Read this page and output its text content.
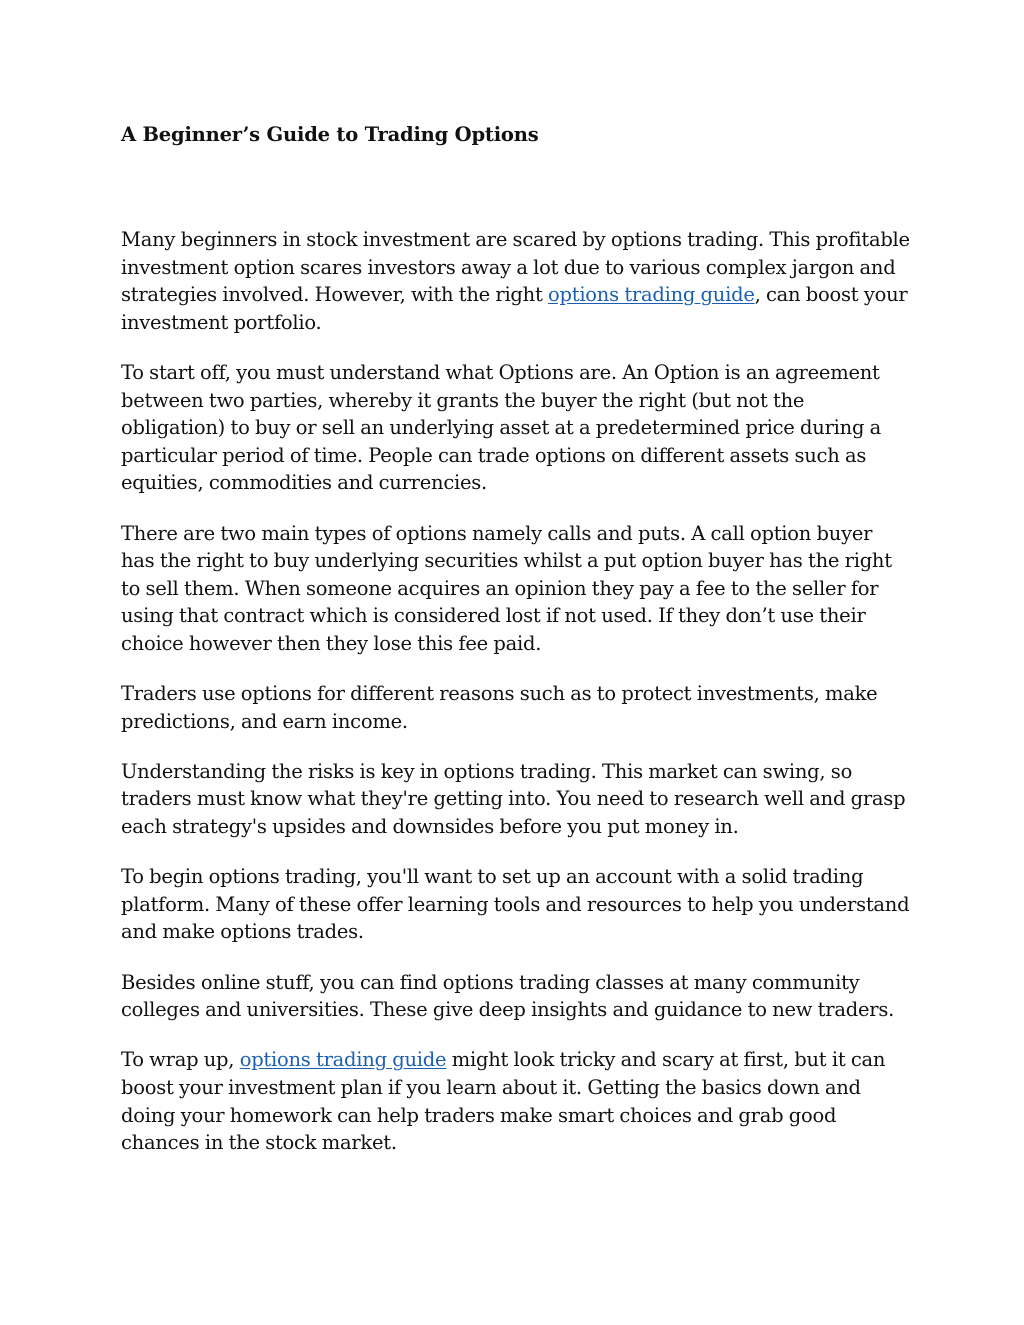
A Beginner’s Guide to Trading Options

Many beginners in stock investment are scared by options trading. This profitable investment option scares investors away a lot due to various complex jargon and strategies involved. However, with the right options trading guide, can boost your investment portfolio.

To start off, you must understand what Options are. An Option is an agreement between two parties, whereby it grants the buyer the right (but not the obligation) to buy or sell an underlying asset at a predetermined price during a particular period of time. People can trade options on different assets such as equities, commodities and currencies.

There are two main types of options namely calls and puts. A call option buyer has the right to buy underlying securities whilst a put option buyer has the right to sell them. When someone acquires an opinion they pay a fee to the seller for using that contract which is considered lost if not used. If they don’t use their choice however then they lose this fee paid.

Traders use options for different reasons such as to protect investments, make predictions, and earn income.

Understanding the risks is key in options trading. This market can swing, so traders must know what they're getting into. You need to research well and grasp each strategy's upsides and downsides before you put money in.

To begin options trading, you'll want to set up an account with a solid trading platform. Many of these offer learning tools and resources to help you understand and make options trades.

Besides online stuff, you can find options trading classes at many community colleges and universities. These give deep insights and guidance to new traders.

To wrap up, options trading guide might look tricky and scary at first, but it can boost your investment plan if you learn about it. Getting the basics down and doing your homework can help traders make smart choices and grab good chances in the stock market.
